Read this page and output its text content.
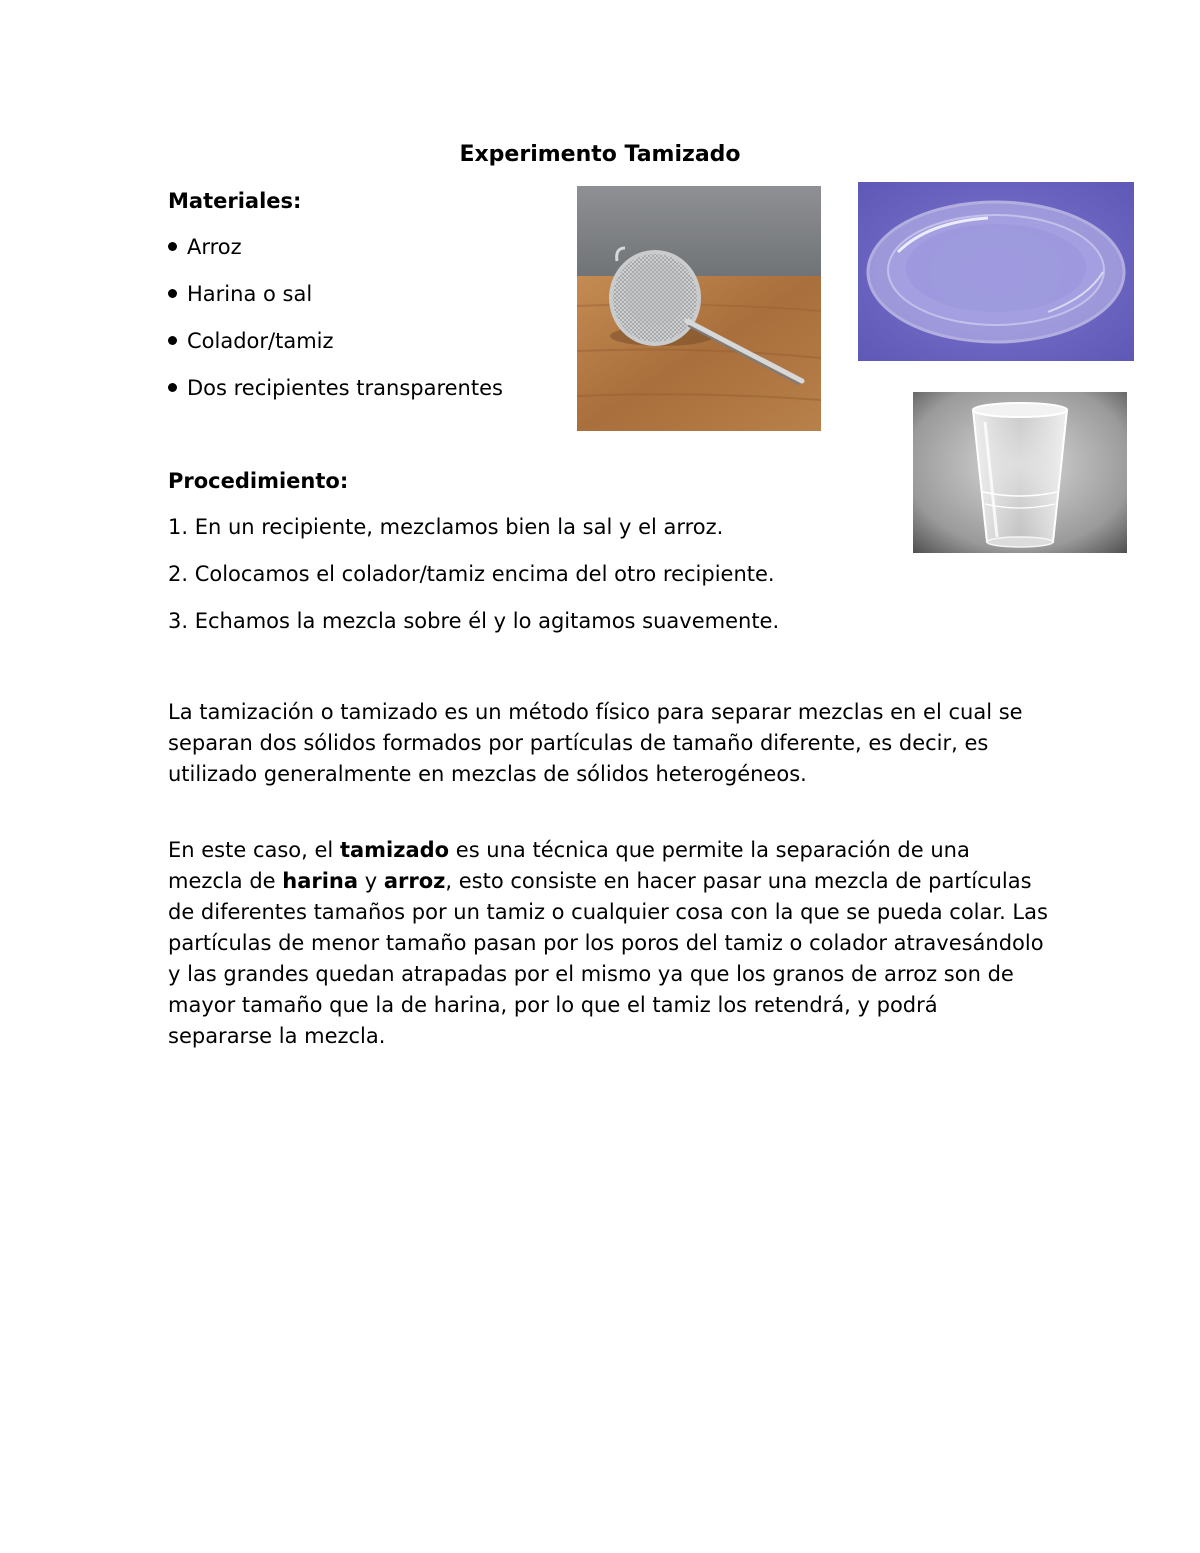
Experimento Tamizado
Materiales:
Arroz
Harina o sal
Colador/tamiz
Dos recipientes transparentes
Procedimiento:
1. En un recipiente, mezclamos bien la sal y el arroz.
2. Colocamos el colador/tamiz encima del otro recipiente.
3. Echamos la mezcla sobre él y lo agitamos suavemente.
La tamización o tamizado es un método físico para separar mezclas en el cual se separan dos sólidos formados por partículas de tamaño diferente, es decir, es utilizado generalmente en mezclas de sólidos heterogéneos.
En este caso, el tamizado es una técnica que permite la separación de una mezcla de harina y arroz, esto consiste en hacer pasar una mezcla de partículas de diferentes tamaños por un tamiz o cualquier cosa con la que se pueda colar. Las partículas de menor tamaño pasan por los poros del tamiz o colador atravesándolo y las grandes quedan atrapadas por el mismo ya que los granos de arroz son de mayor tamaño que la de harina, por lo que el tamiz los retendrá, y podrá separarse la mezcla.
